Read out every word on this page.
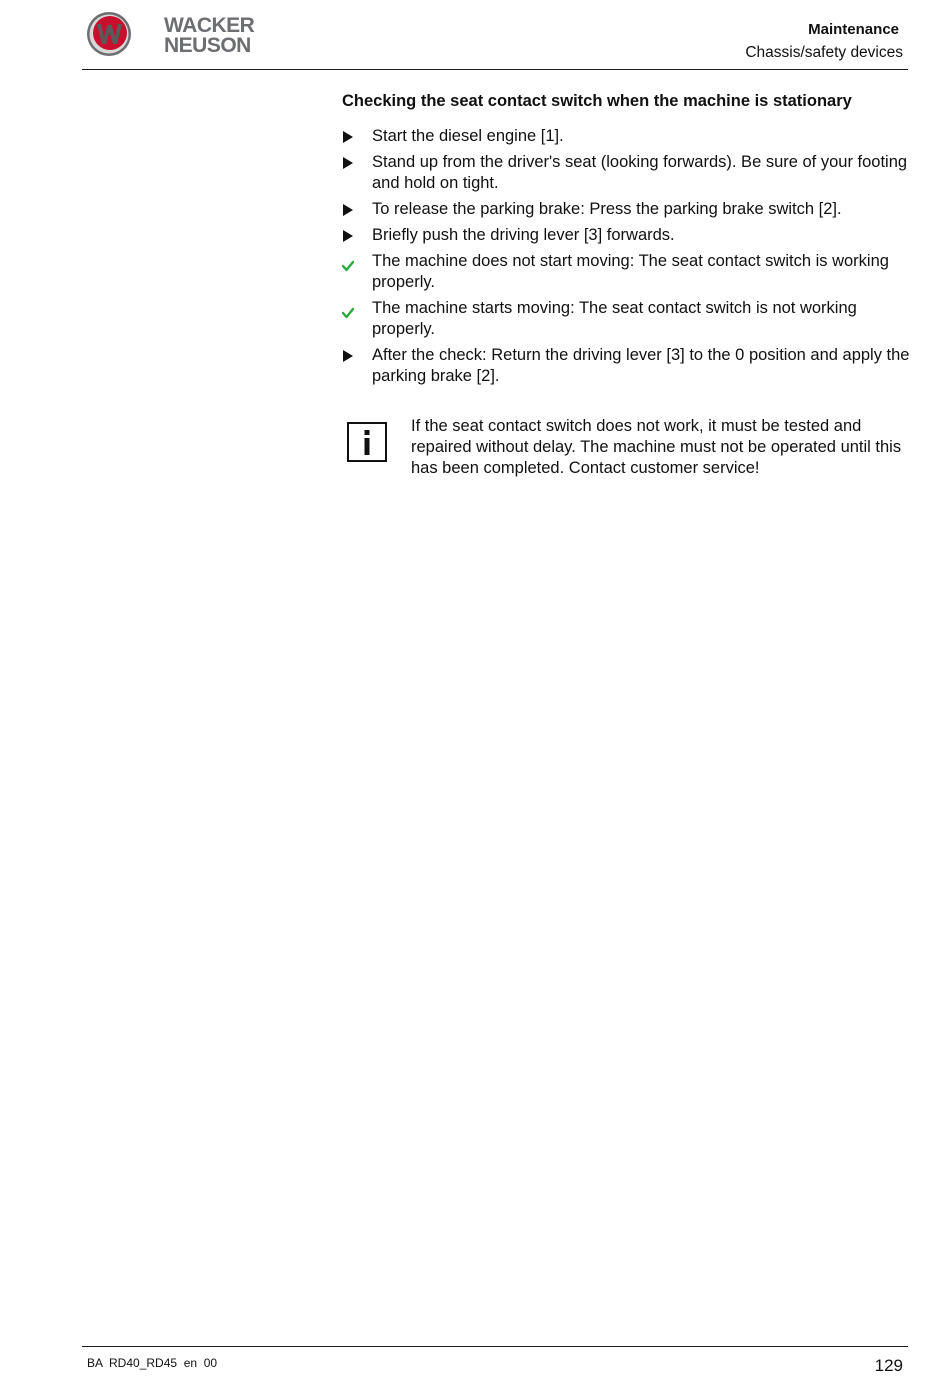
WACKER
NEUSON
Maintenance
Chassis/safety devices
Checking the seat contact switch when the machine is stationary
Start the diesel engine [1].
Stand up from the driver's seat (looking forwards). Be sure of your footing and hold on tight.
To release the parking brake: Press the parking brake switch [2].
Briefly push the driving lever [3] forwards.
The machine does not start moving: The seat contact switch is working properly.
The machine starts moving: The seat contact switch is not working properly.
After the check: Return the driving lever [3] to the 0 position and apply the parking brake [2].
If the seat contact switch does not work, it must be tested and repaired without delay. The machine must not be operated until this has been completed. Contact customer service!
BA  RD40_RD45  en  00	129
